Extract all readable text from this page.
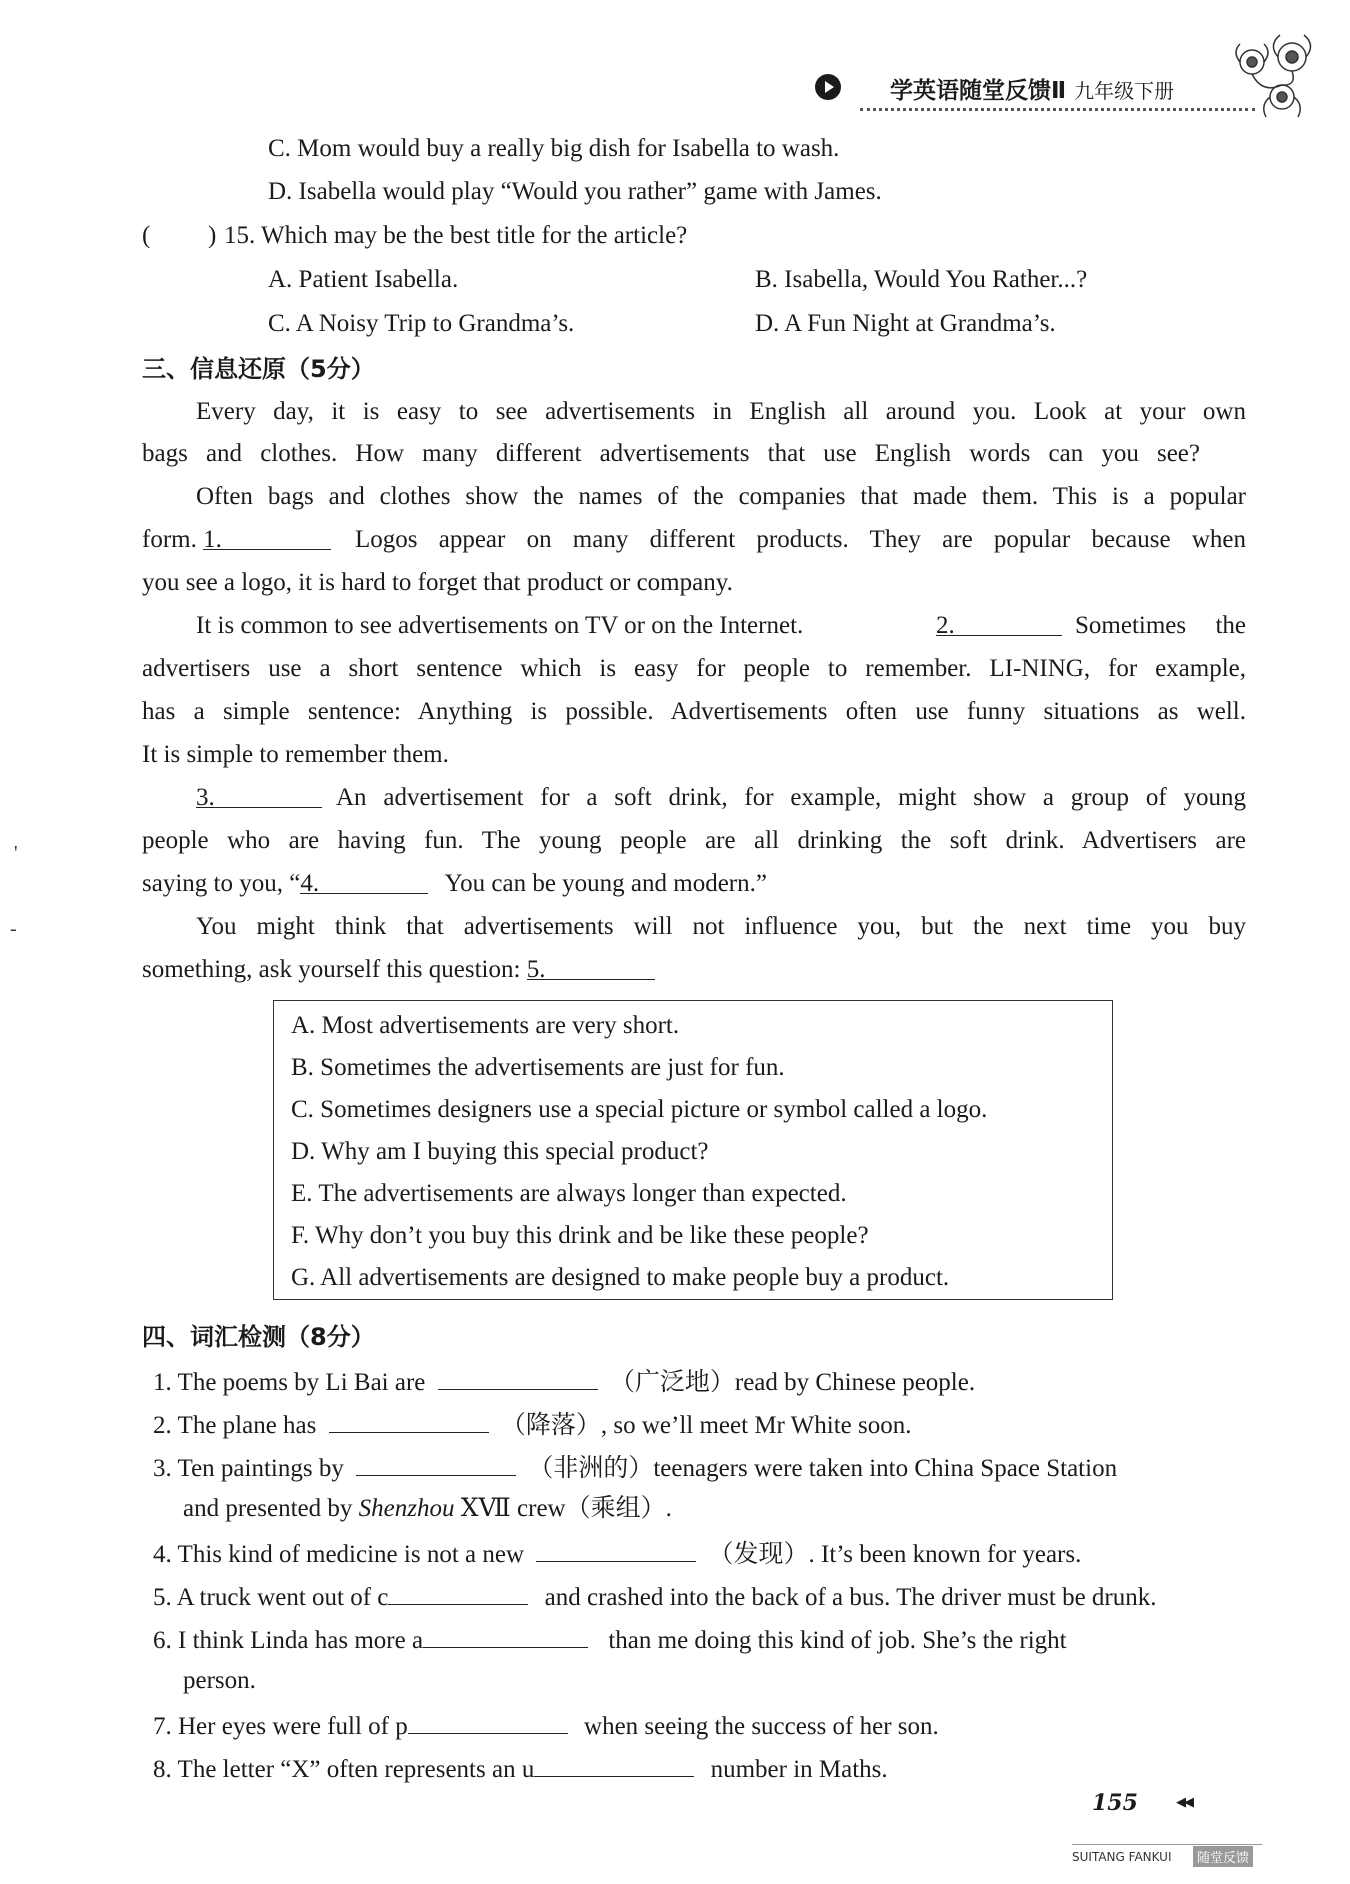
学英语随堂反馈Ⅱ 九年级下册
C. Mom would buy a really big dish for Isabella to wash.
D. Isabella would play “Would you rather” game with James.
( ) 15. Which may be the best title for the article?
A. Patient Isabella.	B. Isabella, Would You Rather...?
C. A Noisy Trip to Grandma’s.	D. A Fun Night at Grandma’s.
三、信息还原（5分）
Every day, it is easy to see advertisements in English all around you. Look at your own
bags and clothes. How many different advertisements that use English words can you see?
Often bags and clothes show the names of the companies that made them. This is a popular
form. 1.	Logos appear on many different products. They are popular because when
you see a logo, it is hard to forget that product or company.
It is common to see advertisements on TV or on the Internet.	2.	Sometimes the
advertisers use a short sentence which is easy for people to remember. LI-NING, for example,
has a simple sentence: Anything is possible. Advertisements often use funny situations as well.
It is simple to remember them.
3.	An advertisement for a soft drink, for example, might show a group of young
people who are having fun. The young people are all drinking the soft drink. Advertisers are
saying to you, “4.	You can be young and modern.”
You might think that advertisements will not influence you, but the next time you buy
something, ask yourself this question: 5.
A. Most advertisements are very short.
B. Sometimes the advertisements are just for fun.
C. Sometimes designers use a special picture or symbol called a logo.
D. Why am I buying this special product?
E. The advertisements are always longer than expected.
F. Why don’t you buy this drink and be like these people?
G. All advertisements are designed to make people buy a product.
四、词汇检测（8分）
1. The poems by Li Bai are	（广泛地）read by Chinese people.
2. The plane has	（降落）, so we’ll meet Mr White soon.
3. Ten paintings by	（非洲的）teenagers were taken into China Space Station
and presented by Shenzhou ⅩⅦ crew（乘组）.
4. This kind of medicine is not a new	（发现）. It’s been known for years.
5. A truck went out of c	and crashed into the back of a bus. The driver must be drunk.
6. I think Linda has more a	than me doing this kind of job. She’s the right
person.
7. Her eyes were full of p	when seeing the success of her son.
8. The letter “X” often represents an u	number in Maths.
'
-
155	◀◀
SUITANG FANKUI	随堂反馈
